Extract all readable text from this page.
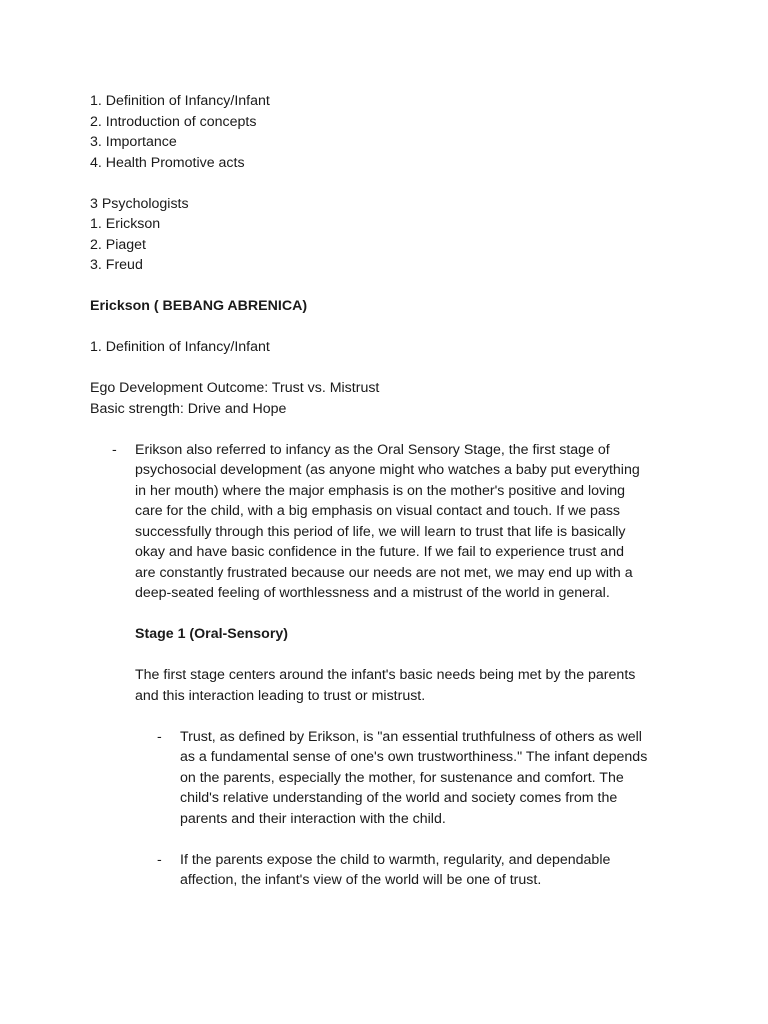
1. Definition of Infancy/Infant
2. Introduction of concepts
3. Importance
4. Health Promotive acts
3 Psychologists
1. Erickson
2. Piaget
3. Freud
Erickson ( BEBANG ABRENICA)
1. Definition of Infancy/Infant
Ego Development Outcome: Trust vs. Mistrust
Basic strength: Drive and Hope
- Erikson also referred to infancy as the Oral Sensory Stage, the first stage of
psychosocial development (as anyone might who watches a baby put everything
in her mouth) where the major emphasis is on the mother's positive and loving
care for the child, with a big emphasis on visual contact and touch. If we pass
successfully through this period of life, we will learn to trust that life is basically
okay and have basic confidence in the future. If we fail to experience trust and
are constantly frustrated because our needs are not met, we may end up with a
deep-seated feeling of worthlessness and a mistrust of the world in general.
Stage 1 (Oral-Sensory)
The first stage centers around the infant's basic needs being met by the parents
and this interaction leading to trust or mistrust.
- Trust, as defined by Erikson, is "an essential truthfulness of others as well
as a fundamental sense of one's own trustworthiness." The infant depends
on the parents, especially the mother, for sustenance and comfort. The
child's relative understanding of the world and society comes from the
parents and their interaction with the child.
- If the parents expose the child to warmth, regularity, and dependable
affection, the infant's view of the world will be one of trust.
